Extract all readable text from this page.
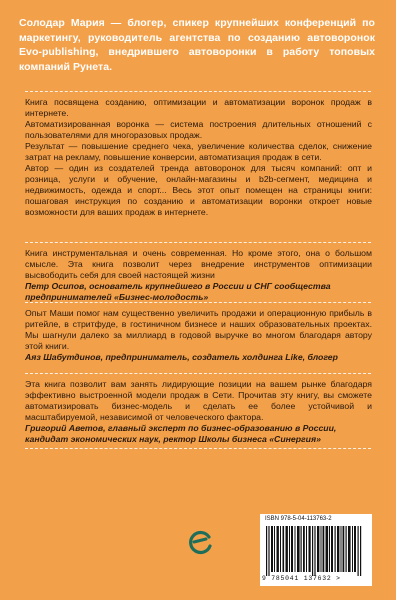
Солодар Мария — блогер, спикер крупнейших конференций по маркетингу, руководитель агентства по созданию автоворонок Evo-publishing, внедрившего автоворонки в работу топовых компаний Рунета.

Книга посвящена созданию, оптимизации и автоматизации воронок продаж в интернете.

Автоматизированная воронка — система построения длительных отношений с пользователями для многоразовых продаж.

Результат — повышение среднего чека, увеличение количества сделок, снижение затрат на рекламу, повышение конверсии, автоматизация продаж в сети.

Автор — один из создателей тренда автоворонок для тысяч компаний: опт и розница, услуги и обучение, онлайн-магазины и b2b-сегмент, медицина и недвижимость, одежда и спорт... Весь этот опыт помещен на страницы книги: пошаговая инструкция по созданию и автоматизации воронки откроет новые возможности для ваших продаж в интернете.

Книга инструментальная и очень современная. Но кроме этого, она о большом смысле. Эта книга позволит через внедрение инструментов оптимизации высвободить себя для своей настоящей жизни

Петр Осипов, основатель крупнейшего в России и СНГ сообщества предпринимателей «Бизнес-молодость»

Опыт Маши помог нам существенно увеличить продажи и операционную прибыль в ритейле, в стритфуде, в гостиничном бизнесе и наших образовательных проектах. Мы шагнули далеко за миллиард в годовой выручке во многом благодаря автору этой книги.

Аяз Шабутдинов, предприниматель, создатель холдинга Like, блогер

Эта книга позволит вам занять лидирующие позиции на вашем рынке благодаря эффективно выстроенной модели продаж в Сети. Прочитав эту книгу, вы сможете автоматизировать бизнес-модель и сделать ее более устойчивой и масштабируемой, независимой от человеческого фактора.

Григорий Аветов, главный эксперт по бизнес-образованию в России, кандидат экономических наук, ректор Школы бизнеса «Синергия»

ISBN 978-5-04-113763-2
9 785041 137632 >
